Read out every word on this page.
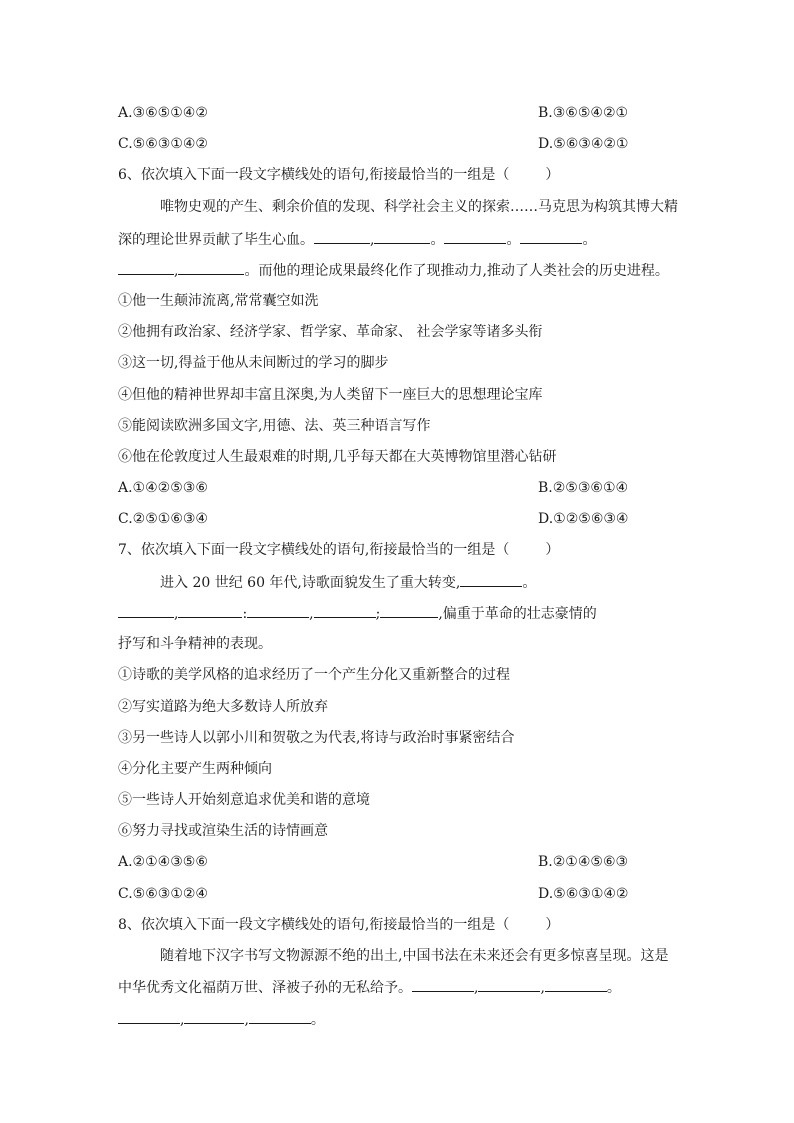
A.③⑥⑤①④②	B.③⑥⑤④②①
C.⑤⑥③①④②	D.⑤⑥③④②①
6、依次填入下面一段文字横线处的语句,衔接最恰当的一组是（	）
唯物史观的产生、剩余价值的发现、科学社会主义的探索……马克思为构筑其博大精
深的理论世界贡献了毕生心血。	,	。	。	。
,	。而他的理论成果最终化作了现推动力,推动了人类社会的历史进程。
①他一生颠沛流离,常常囊空如洗
②他拥有政治家、经济学家、哲学家、革命家、 社会学家等诸多头衔
③这一切,得益于他从未间断过的学习的脚步
④但他的精神世界却丰富且深奥,为人类留下一座巨大的思想理论宝库
⑤能阅读欧洲多国文字,用德、法、英三种语言写作
⑥他在伦敦度过人生最艰难的时期,几乎每天都在大英博物馆里潜心钻研
A.①④②⑤③⑥	B.②⑤③⑥①④
C.②⑤①⑥③④	D.①②⑤⑥③④
7、依次填入下面一段文字横线处的语句,衔接最恰当的一组是（	）
进入 20 世纪 60 年代,诗歌面貌发生了重大转变,	。
,	:	,	;	,偏重于革命的壮志豪情的
抒写和斗争精神的表现。
①诗歌的美学风格的追求经历了一个产生分化又重新整合的过程
②写实道路为绝大多数诗人所放弃
③另一些诗人以郭小川和贺敬之为代表,将诗与政治时事紧密结合
④分化主要产生两种倾向
⑤一些诗人开始刻意追求优美和谐的意境
⑥努力寻找或渲染生活的诗情画意
A.②①④③⑤⑥	B.②①④⑤⑥③
C.⑤⑥③①②④	D.⑤⑥③①④②
8、依次填入下面一段文字横线处的语句,衔接最恰当的一组是（	）
随着地下汉字书写文物源源不绝的出土,中国书法在未来还会有更多惊喜呈现。这是
中华优秀文化福荫万世、泽被子孙的无私给予。	,	,	。
,	,	。
